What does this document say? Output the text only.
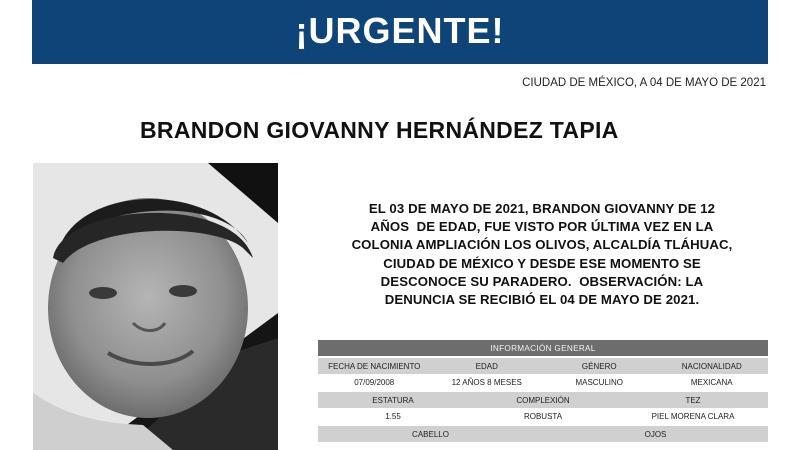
¡URGENTE!
CIUDAD DE MÉXICO, A 04 DE MAYO DE 2021
BRANDON GIOVANNY HERNÁNDEZ TAPIA
EL 03 DE MAYO DE 2021, BRANDON GIOVANNY DE 12
AÑOS  DE EDAD, FUE VISTO POR ÚLTIMA VEZ EN LA
COLONIA AMPLIACIÓN LOS OLIVOS, ALCALDÍA TLÁHUAC,
CIUDAD DE MÉXICO Y DESDE ESE MOMENTO SE
DESCONOCE SU PARADERO.  OBSERVACIÓN: LA
DENUNCIA SE RECIBIÓ EL 04 DE MAYO DE 2021.
INFORMACIÓN GENERAL
FECHA DE NACIMIENTO	EDAD	GÉNERO	NACIONALIDAD
07/09/2008	12 AÑOS 8 MESES	MASCULINO	MEXICANA
ESTATURA	COMPLEXIÓN	TEZ
1.55	ROBUSTA	PIEL MORENA CLARA
CABELLO	OJOS
